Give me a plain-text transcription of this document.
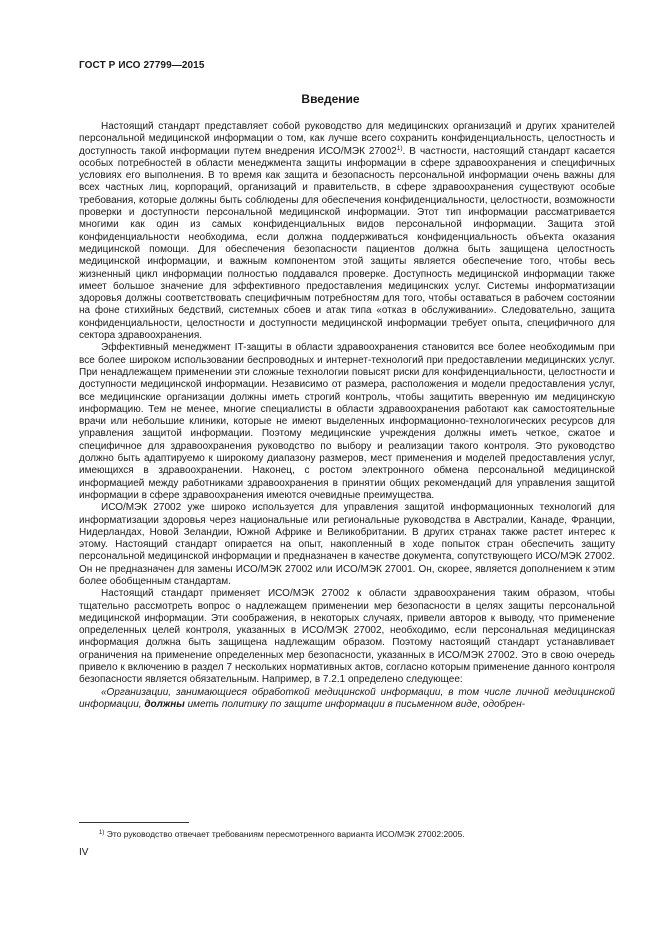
ГОСТ Р ИСО 27799—2015
Введение

Настоящий стандарт представляет собой руководство для медицинских организаций и других хранителей персональной медицинской информации о том, как лучше всего сохранить конфиденциальность, целостность и доступность такой информации путем внедрения ИСО/МЭК 27002$^{1)}$. В частности, настоящий стандарт касается особых потребностей в области менеджмента защиты информации в сфере здравоохранения и специфичных условиях его выполнения. В то время как защита и безопасность персональной информации очень важны для всех частных лиц, корпораций, организаций и правительств, в сфере здравоохранения существуют особые требования, которые должны быть соблюдены для обеспечения конфиденциальности, целостности, возможности проверки и доступности персональной медицинской информации. Этот тип информации рассматривается многими как один из самых конфиденциальных видов персональной информации. Защита этой конфиденциальности необходима, если должна поддерживаться конфиденциальность объекта оказания медицинской помощи. Для обеспечения безопасности пациентов должна быть защищена целостность медицинской информации, и важным компонентом этой защиты является обеспечение того, чтобы весь жизненный цикл информации полностью поддавался проверке. Доступность медицинской информации также имеет большое значение для эффективного предоставления медицинских услуг. Системы информатизации здоровья должны соответствовать специфичным потребностям для того, чтобы оставаться в рабочем состоянии на фоне стихийных бедствий, системных сбоев и атак типа «отказ в обслуживании». Следовательно, защита конфиденциальности, целостности и доступности медицинской информации требует опыта, специфичного для сектора здравоохранения.

Эффективный менеджмент IT-защиты в области здравоохранения становится все более необходимым при все более широком использовании беспроводных и интернет-технологий при предоставлении медицинских услуг. При ненадлежащем применении эти сложные технологии повысят риски для конфиденциальности, целостности и доступности медицинской информации. Независимо от размера, расположения и модели предоставления услуг, все медицинские организации должны иметь строгий контроль, чтобы защитить вверенную им медицинскую информацию. Тем не менее, многие специалисты в области здравоохранения работают как самостоятельные врачи или небольшие клиники, которые не имеют выделенных информационно-технологических ресурсов для управления защитой информации. Поэтому медицинские учреждения должны иметь четкое, сжатое и специфичное для здравоохранения руководство по выбору и реализации такого контроля. Это руководство должно быть адаптируемо к широкому диапазону размеров, мест применения и моделей предоставления услуг, имеющихся в здравоохранении. Наконец, с ростом электронного обмена персональной медицинской информацией между работниками здравоохранения в принятии общих рекомендаций для управления защитой информации в сфере здравоохранения имеются очевидные преимущества.

ИСО/МЭК 27002 уже широко используется для управления защитой информационных технологий для информатизации здоровья через национальные или региональные руководства в Австралии, Канаде, Франции, Нидерландах, Новой Зеландии, Южной Африке и Великобритании. В других странах также растет интерес к этому. Настоящий стандарт опирается на опыт, накопленный в ходе попыток стран обеспечить защиту персональной медицинской информации и предназначен в качестве документа, сопутствующего ИСО/МЭК 27002. Он не предназначен для замены ИСО/МЭК 27002 или ИСО/МЭК 27001. Он, скорее, является дополнением к этим более обобщенным стандартам.

Настоящий стандарт применяет ИСО/МЭК 27002 к области здравоохранения таким образом, чтобы тщательно рассмотреть вопрос о надлежащем применении мер безопасности в целях защиты персональной медицинской информации. Эти соображения, в некоторых случаях, привели авторов к выводу, что применение определенных целей контроля, указанных в ИСО/МЭК 27002, необходимо, если персональная медицинская информация должна быть защищена надлежащим образом. Поэтому настоящий стандарт устанавливает ограничения на применение определенных мер безопасности, указанных в ИСО/МЭК 27002. Это в свою очередь привело к включению в раздел 7 нескольких нормативных актов, согласно которым применение данного контроля безопасности является обязательным. Например, в 7.2.1 определено следующее:

«Организации, занимающиеся обработкой медицинской информации, в том числе личной медицинской информации, должны иметь политику по защите информации в письменном виде, одобрен-

$^{1)}$ Это руководство отвечает требованиям пересмотренного варианта ИСО/МЭК 27002:2005.
IV
